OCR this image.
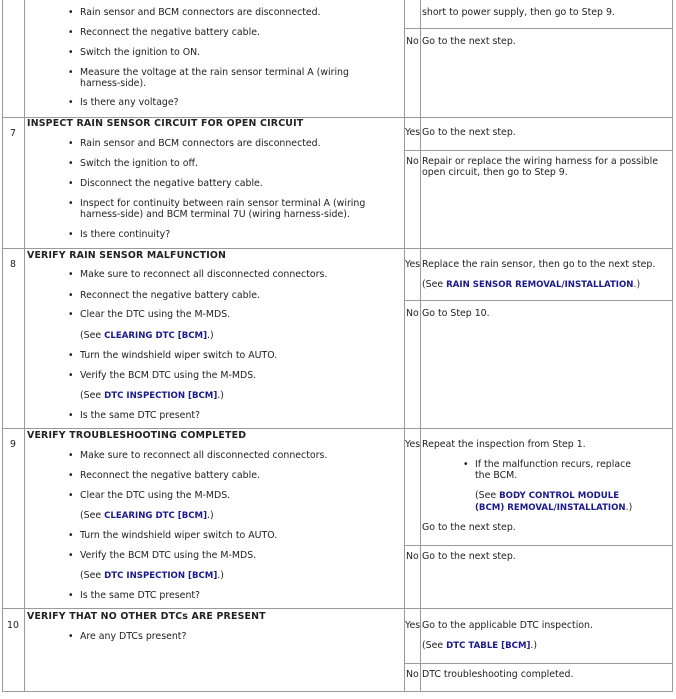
• Rain sensor and BCM connectors are disconnected.
• Reconnect the negative battery cable.
• Switch the ignition to ON.
• Measure the voltage at the rain sensor terminal A (wiring
harness-side).
• Is there any voltage?
short to power supply, then go to Step 9.
No Go to the next step.
7
INSPECT RAIN SENSOR CIRCUIT FOR OPEN CIRCUIT
• Rain sensor and BCM connectors are disconnected.
• Switch the ignition to off.
• Disconnect the negative battery cable.
• Inspect for continuity between rain sensor terminal A (wiring
harness-side) and BCM terminal 7U (wiring harness-side).
• Is there continuity?
Yes Go to the next step.
No Repair or replace the wiring harness for a possible
open circuit, then go to Step 9.
8
VERIFY RAIN SENSOR MALFUNCTION
• Make sure to reconnect all disconnected connectors.
• Reconnect the negative battery cable.
• Clear the DTC using the M-MDS.
(See CLEARING DTC [BCM].)
• Turn the windshield wiper switch to AUTO.
• Verify the BCM DTC using the M-MDS.
(See DTC INSPECTION [BCM].)
• Is the same DTC present?
Yes Replace the rain sensor, then go to the next step.
(See RAIN SENSOR REMOVAL/INSTALLATION.)
No Go to Step 10.
9
VERIFY TROUBLESHOOTING COMPLETED
• Make sure to reconnect all disconnected connectors.
• Reconnect the negative battery cable.
• Clear the DTC using the M-MDS.
(See CLEARING DTC [BCM].)
• Turn the windshield wiper switch to AUTO.
• Verify the BCM DTC using the M-MDS.
(See DTC INSPECTION [BCM].)
• Is the same DTC present?
Yes Repeat the inspection from Step 1.
• If the malfunction recurs, replace
the BCM.
(See BODY CONTROL MODULE
(BCM) REMOVAL/INSTALLATION.)
Go to the next step.
No Go to the next step.
10
VERIFY THAT NO OTHER DTCs ARE PRESENT
• Are any DTCs present?
Yes Go to the applicable DTC inspection.
(See DTC TABLE [BCM].)
No DTC troubleshooting completed.
